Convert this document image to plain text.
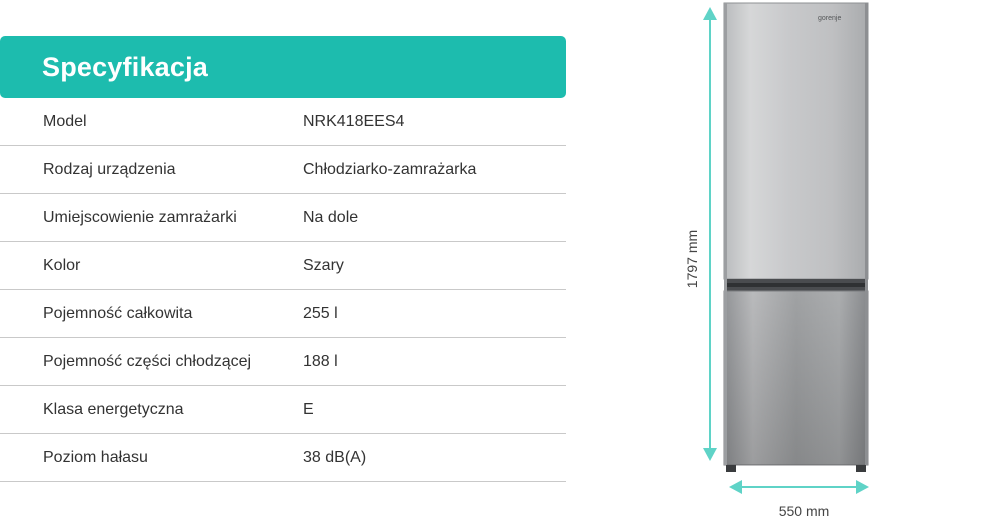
Specyfikacja
Model	NRK418EES4
Rodzaj urządzenia	Chłodziarko-zamrażarka
Umiejscowienie zamrażarki	Na dole
Kolor	Szary
Pojemność całkowita	255 l
Pojemność części chłodzącej	188 l
Klasa energetyczna	E
Poziom hałasu	38 dB(A)
gorenje
1797 mm
550 mm
